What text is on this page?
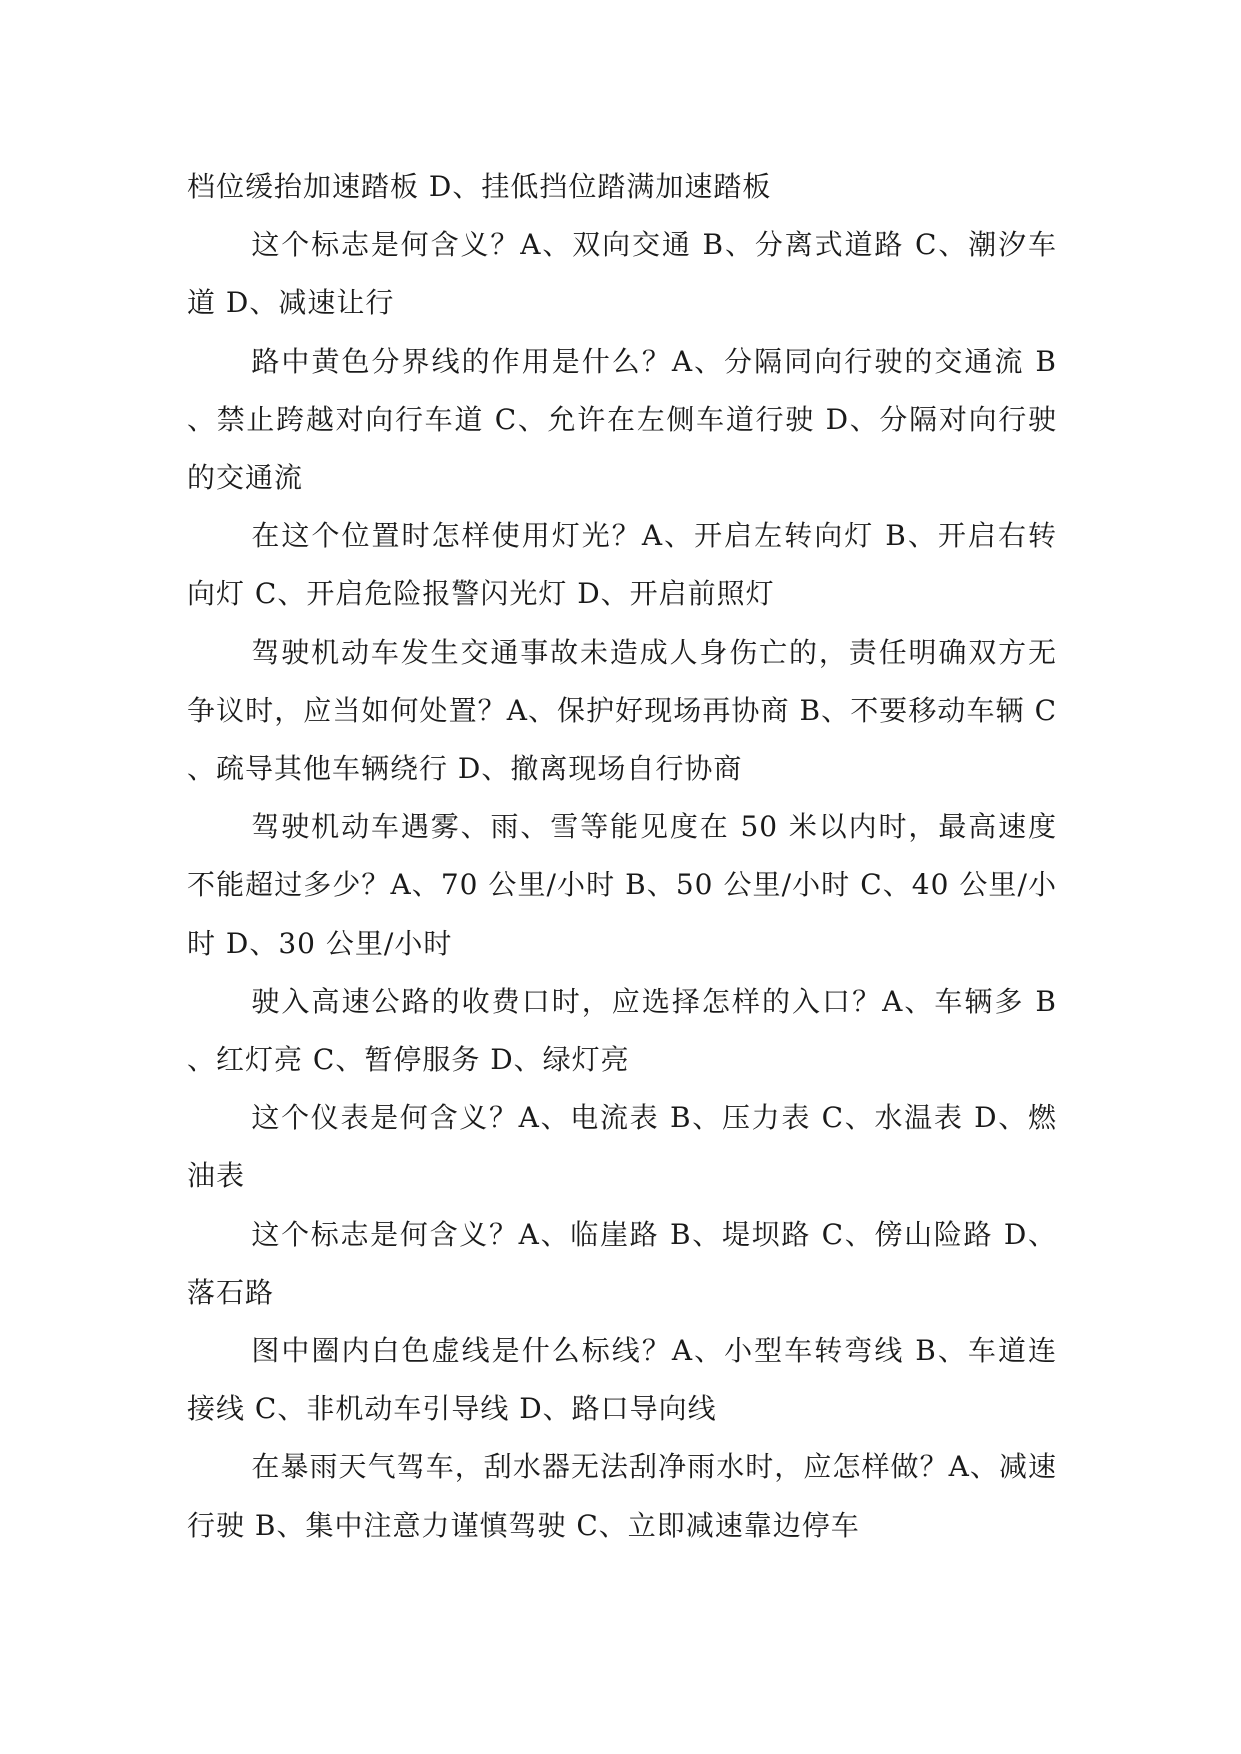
档位缓抬加速踏板 D、挂低挡位踏满加速踏板

这个标志是何含义？A、双向交通 B、分离式道路 C、潮汐车道 D、减速让行

路中黄色分界线的作用是什么？A、分隔同向行驶的交通流 B、禁止跨越对向行车道 C、允许在左侧车道行驶 D、分隔对向行驶的交通流

在这个位置时怎样使用灯光？A、开启左转向灯 B、开启右转向灯 C、开启危险报警闪光灯 D、开启前照灯

驾驶机动车发生交通事故未造成人身伤亡的，责任明确双方无争议时，应当如何处置？A、保护好现场再协商 B、不要移动车辆 C、疏导其他车辆绕行 D、撤离现场自行协商

驾驶机动车遇雾、雨、雪等能见度在 50 米以内时，最高速度不能超过多少？A、70 公里/小时 B、50 公里/小时 C、40 公里/小时 D、30 公里/小时

驶入高速公路的收费口时，应选择怎样的入口？A、车辆多 B、红灯亮 C、暂停服务 D、绿灯亮

这个仪表是何含义？A、电流表 B、压力表 C、水温表 D、燃油表

这个标志是何含义？A、临崖路 B、堤坝路 C、傍山险路 D、落石路

图中圈内白色虚线是什么标线？A、小型车转弯线 B、车道连接线 C、非机动车引导线 D、路口导向线

在暴雨天气驾车，刮水器无法刮净雨水时，应怎样做？A、减速行驶 B、集中注意力谨慎驾驶 C、立即减速靠边停车
